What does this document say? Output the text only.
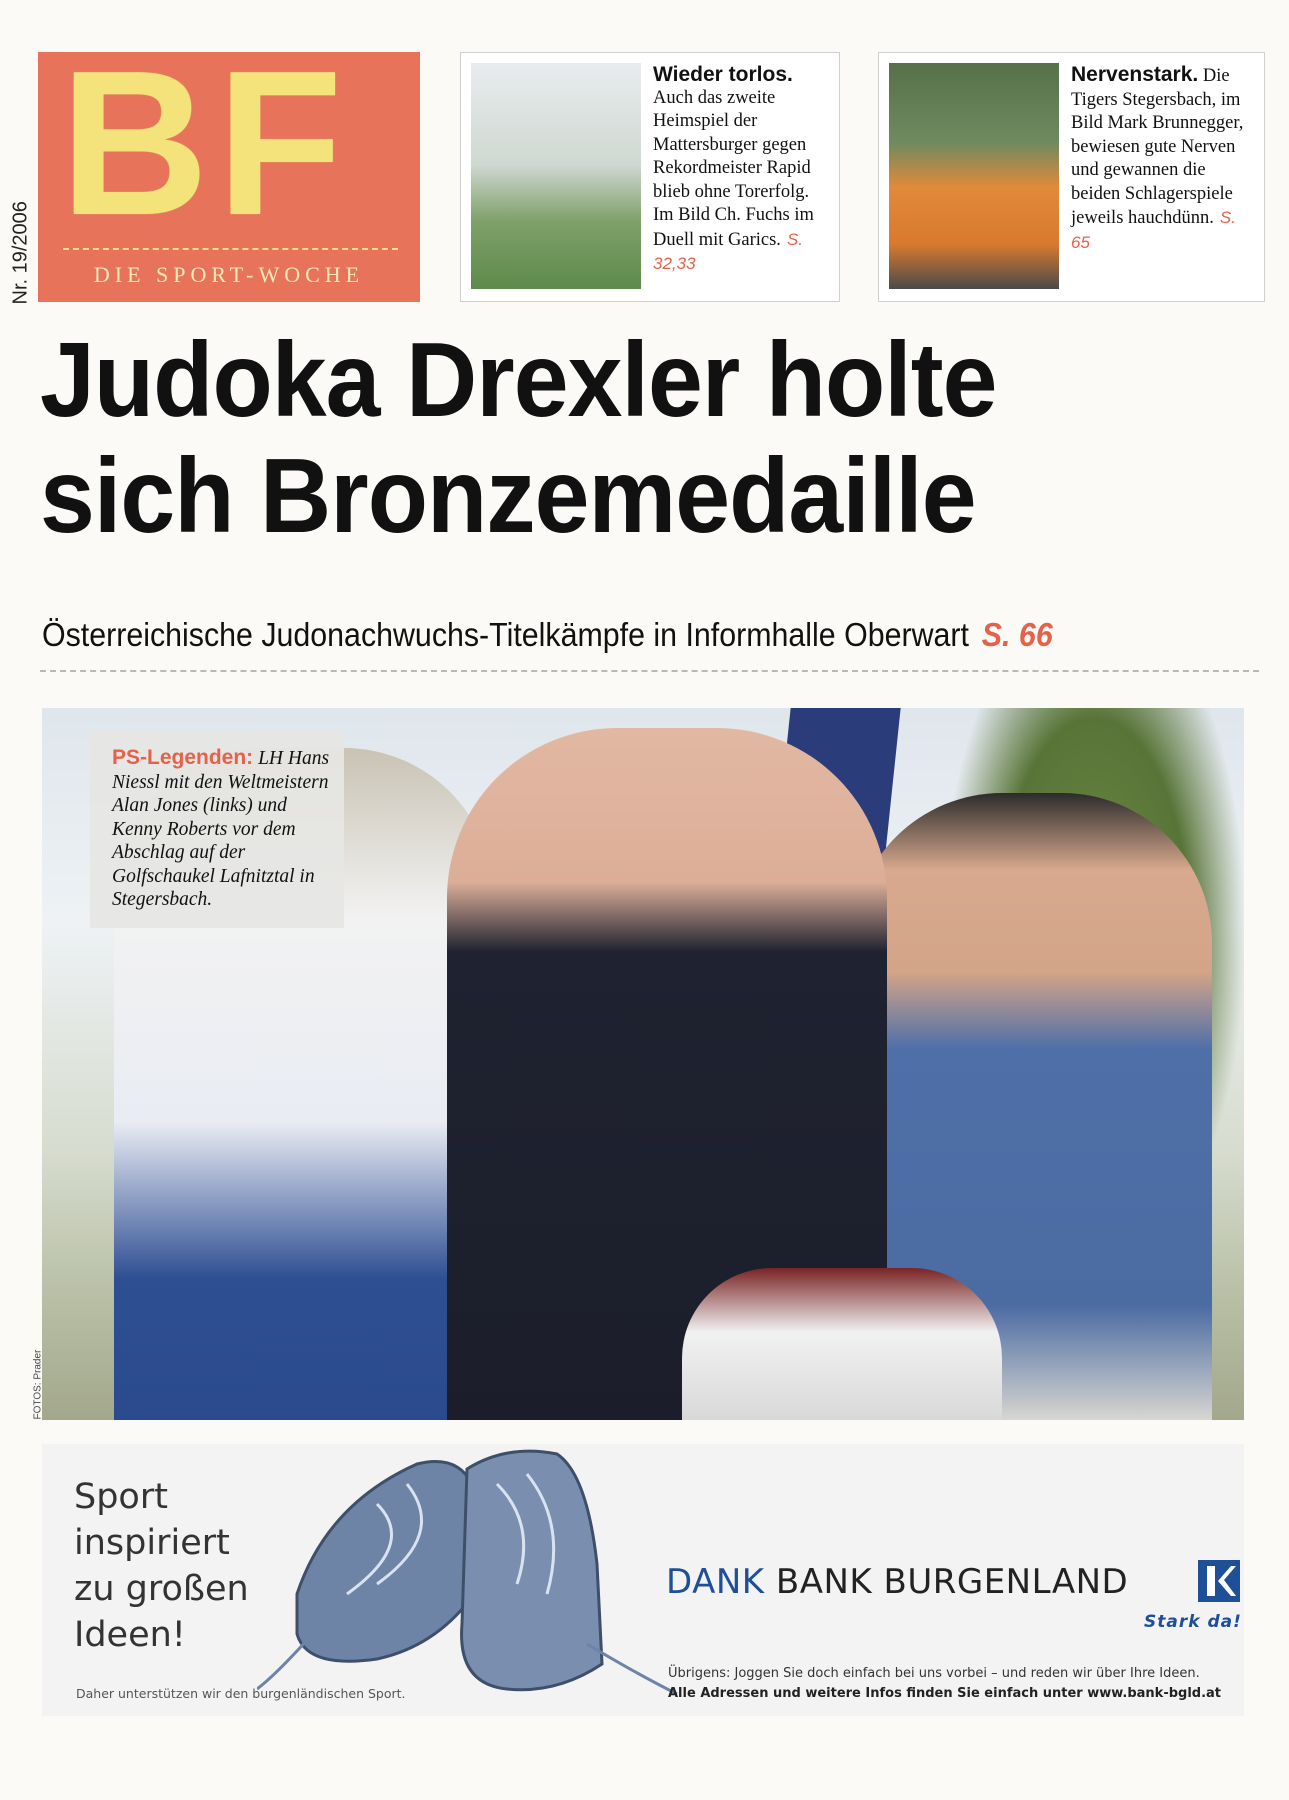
Nr. 19/2006 BF
DIE SPORT-WOCHE
Wieder torlos.
Auch das zweite Heimspiel der Mattersburger gegen Rekordmeister Rapid blieb ohne Torerfolg. Im Bild Ch. Fuchs im Duell mit Garics. S. 32,33
Nervenstark. Die Tigers Stegersbach, im Bild Mark Brunnegger, bewiesen gute Nerven und gewannen die beiden Schlagerspiele jeweils hauchdünn. S. 65
Judoka Drexler holte
sich Bronzemedaille
Österreichische Judonachwuchs-Titelkämpfe in Informhalle Oberwart S. 66
PS-Legenden: LH Hans Niessl mit den Weltmeistern Alan Jones (links) und Kenny Roberts vor dem Abschlag auf der Golfschaukel Lafnitztal in Stegersbach.
FOTOS: Prader
Sport
inspiriert
zu großen
Ideen!
Daher unterstützen wir den burgenländischen Sport.
DANK BANK BURGENLAND
Stark da!
Übrigens: Joggen Sie doch einfach bei uns vorbei – und reden wir über Ihre Ideen.
Alle Adressen und weitere Infos finden Sie einfach unter www.bank-bgld.at
